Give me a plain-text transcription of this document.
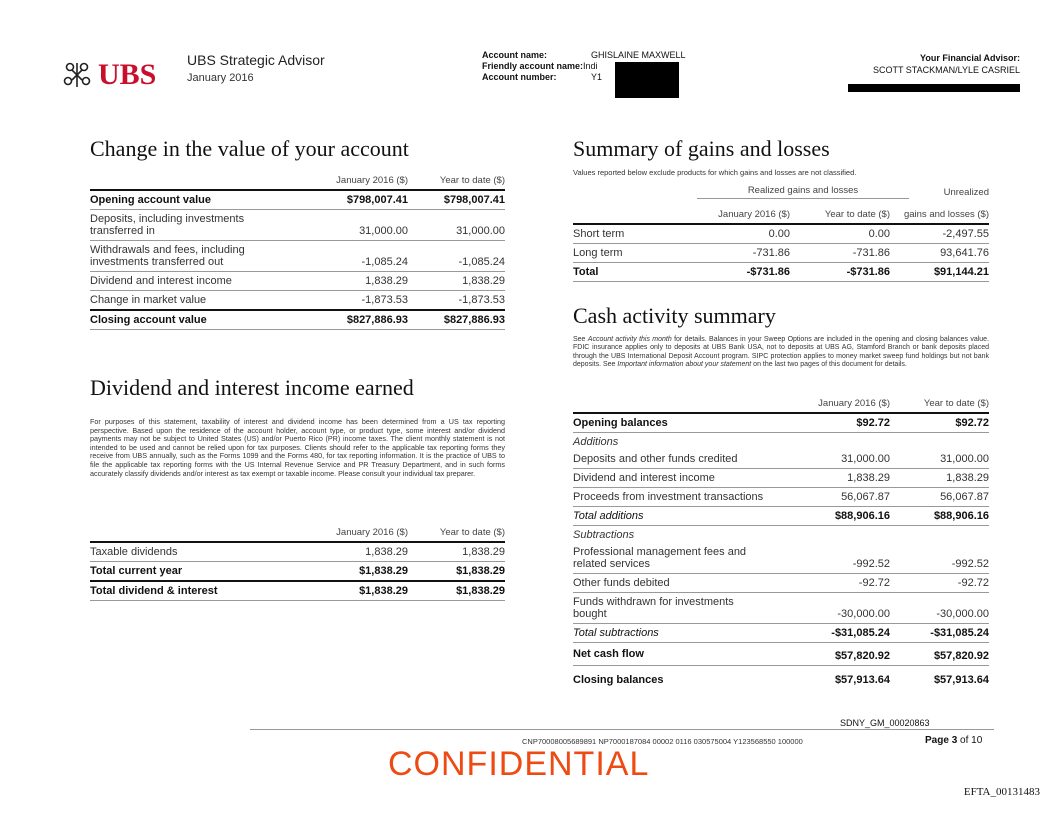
UBS UBS Strategic Advisor
January 2016
Account name:	GHISLAINE MAXWELL
Friendly account name:Indi
Account number:	Y1
Your Financial Advisor:
SCOTT STACKMAN/LYLE CASRIEL
Change in the value of your account
	January 2016 ($)	Year to date ($)
Opening account value	$798,007.41	$798,007.41
Deposits, including investments transferred in	31,000.00	31,000.00
Withdrawals and fees, including investments transferred out	-1,085.24	-1,085.24
Dividend and interest income	1,838.29	1,838.29
Change in market value	-1,873.53	-1,873.53
Closing account value	$827,886.93	$827,886.93
Dividend and interest income earned
For purposes of this statement, taxability of interest and dividend income has been determined from a US tax reporting perspective. Based upon the residence of the account holder, account type, or product type, some interest and/or dividend payments may not be subject to United States (US) and/or Puerto Rico (PR) income taxes. The client monthly statement is not intended to be used and cannot be relied upon for tax purposes. Clients should refer to the applicable tax reporting forms they receive from UBS annually, such as the Forms 1099 and the Forms 480, for tax reporting information. It is the practice of UBS to file the applicable tax reporting forms with the US Internal Revenue Service and PR Treasury Department, and in such forms accurately classify dividends and/or interest as tax exempt or taxable income. Please consult your individual tax preparer.
	January 2016 ($)	Year to date ($)
Taxable dividends	1,838.29	1,838.29
Total current year	$1,838.29	$1,838.29
Total dividend & interest	$1,838.29	$1,838.29
Summary of gains and losses
Values reported below exclude products for which gains and losses are not classified.
Realized gains and losses	Unrealized
	January 2016 ($)	Year to date ($)	gains and losses ($)
Short term	0.00	0.00	-2,497.55
Long term	-731.86	-731.86	93,641.76
Total	-$731.86	-$731.86	$91,144.21
Cash activity summary
See Account activity this month for details. Balances in your Sweep Options are included in the opening and closing balances value. FDIC insurance applies only to deposits at UBS Bank USA, not to deposits at UBS AG, Stamford Branch or bank deposits placed through the UBS International Deposit Account program. SIPC protection applies to money market sweep fund holdings but not bank deposits. See Important information about your statement on the last two pages of this document for details.
	January 2016 ($)	Year to date ($)
Opening balances	$92.72	$92.72
Additions		
Deposits and other funds credited	31,000.00	31,000.00
Dividend and interest income	1,838.29	1,838.29
Proceeds from investment transactions	56,067.87	56,067.87
Total additions	$88,906.16	$88,906.16
Subtractions		
Professional management fees and related services	-992.52	-992.52
Other funds debited	-92.72	-92.72
Funds withdrawn for investments bought	-30,000.00	-30,000.00
Total subtractions	-$31,085.24	-$31,085.24
Net cash flow	$57,820.92	$57,820.92
Closing balances	$57,913.64	$57,913.64
SDNY_GM_00020863
CNP70008005689891 NP7000187084 00002 0116 030575004 Y123568550 100000	Page 3 of 10
CONFIDENTIAL
EFTA_00131483
